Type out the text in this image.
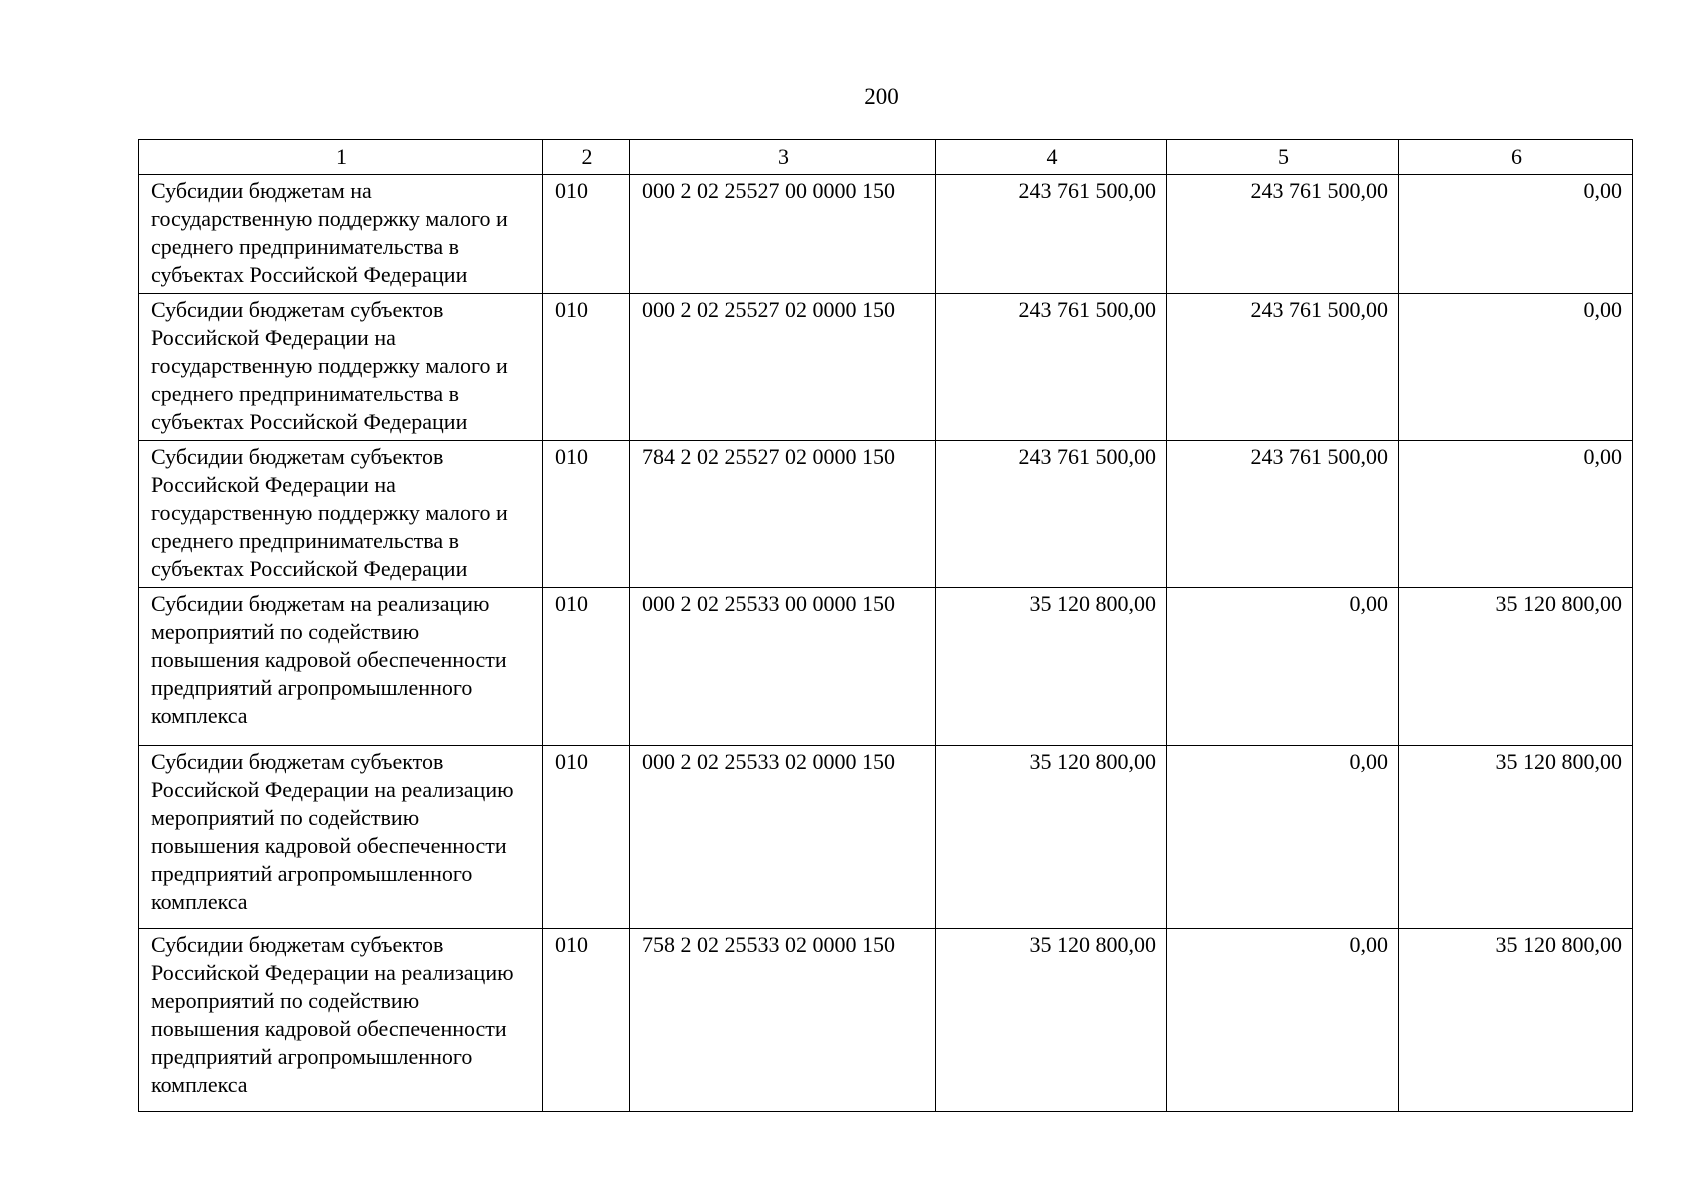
200
1	2	3	4	5	6
Субсидии бюджетам на государственную поддержку малого и среднего предпринимательства в субъектах Российской Федерации	010	000 2 02 25527 00 0000 150	243 761 500,00	243 761 500,00	0,00
Субсидии бюджетам субъектов Российской Федерации на государственную поддержку малого и среднего предпринимательства в субъектах Российской Федерации	010	000 2 02 25527 02 0000 150	243 761 500,00	243 761 500,00	0,00
Субсидии бюджетам субъектов Российской Федерации на государственную поддержку малого и среднего предпринимательства в субъектах Российской Федерации	010	784 2 02 25527 02 0000 150	243 761 500,00	243 761 500,00	0,00
Субсидии бюджетам на реализацию мероприятий по содействию повышения кадровой обеспеченности предприятий агропромышленного комплекса	010	000 2 02 25533 00 0000 150	35 120 800,00	0,00	35 120 800,00
Субсидии бюджетам субъектов Российской Федерации на реализацию мероприятий по содействию повышения кадровой обеспеченности предприятий агропромышленного комплекса	010	000 2 02 25533 02 0000 150	35 120 800,00	0,00	35 120 800,00
Субсидии бюджетам субъектов Российской Федерации на реализацию мероприятий по содействию повышения кадровой обеспеченности предприятий агропромышленного комплекса	010	758 2 02 25533 02 0000 150	35 120 800,00	0,00	35 120 800,00
